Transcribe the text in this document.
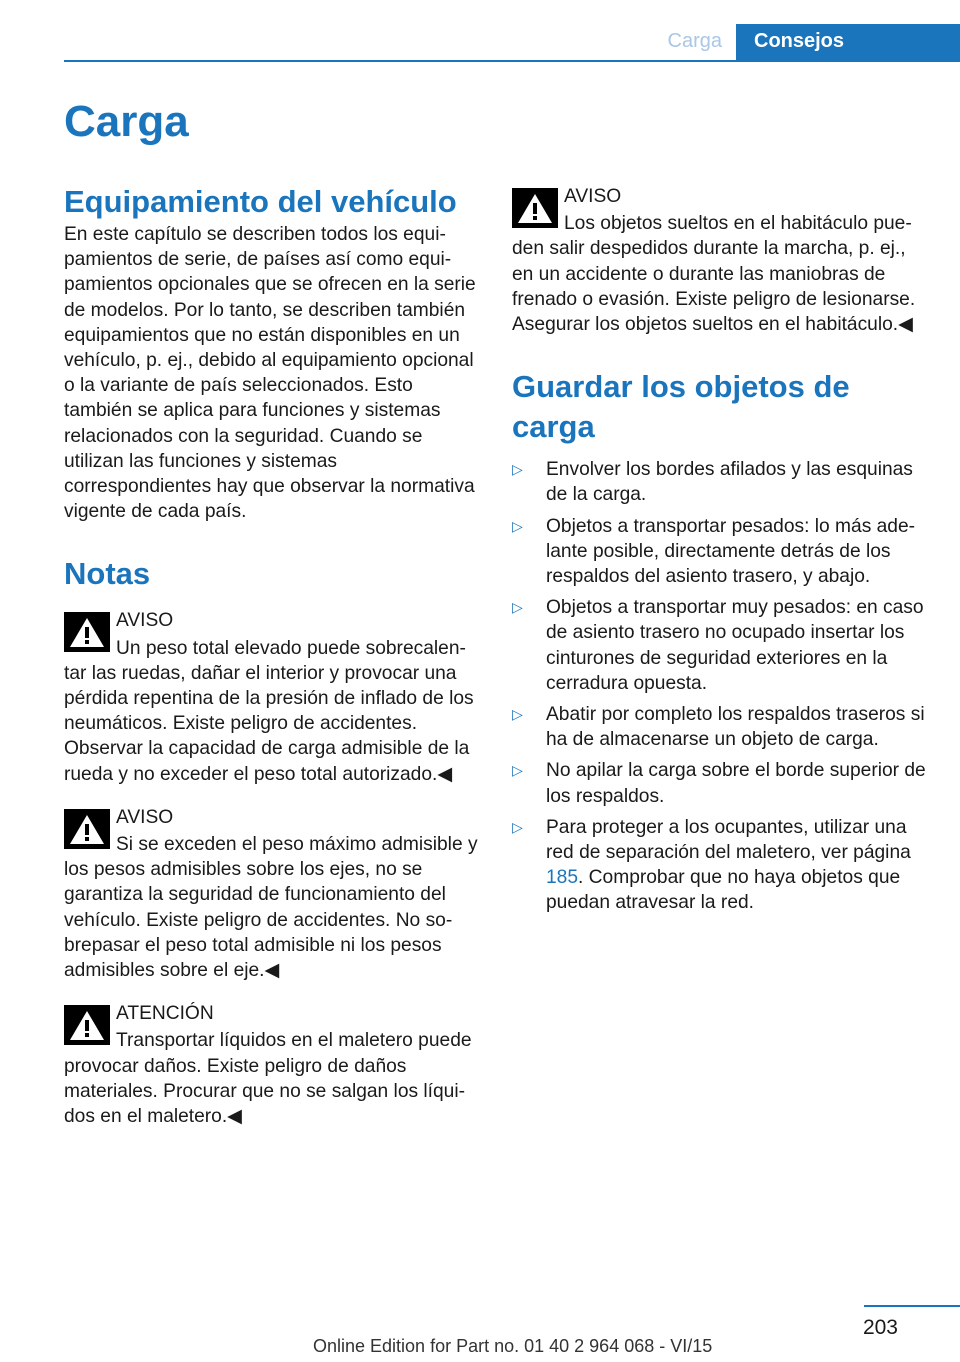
Carga	Consejos
Carga
Equipamiento del vehículo

En este capítulo se describen todos los equipamientos de serie, de países así como equipamientos opcionales que se ofrecen en la serie de modelos. Por lo tanto, se describen también equipamientos que no están disponibles en un vehículo, p. ej., debido al equipamiento opcional o la variante de país seleccionados. Esto también se aplica para funciones y sistemas relacionados con la seguridad. Cuando se utilizan las funciones y sistemas correspondientes hay que observar la normativa vigente de cada país.

Notas
AVISO

Un peso total elevado puede sobrecalentar las ruedas, dañar el interior y provocar una pérdida repentina de la presión de inflado de los neumáticos. Existe peligro de accidentes. Observar la capacidad de carga admisible de la rueda y no exceder el peso total autorizado.◀

AVISO

Si se exceden el peso máximo admisible y los pesos admisibles sobre los ejes, no se garantiza la seguridad de funcionamiento del vehículo. Existe peligro de accidentes. No sobrepasar el peso total admisible ni los pesos admisibles sobre el eje.◀

ATENCIÓN

Transportar líquidos en el maletero puede provocar daños. Existe peligro de daños materiales. Procurar que no se salgan los líquidos en el maletero.◀

AVISO

Los objetos sueltos en el habitáculo pueden salir despedidos durante la marcha, p. ej., en un accidente o durante las maniobras de frenado o evasión. Existe peligro de lesionarse. Asegurar los objetos sueltos en el habitáculo.◀

Guardar los objetos de carga
▷	Envolver los bordes afilados y las esquinas de la carga.
▷	Objetos a transportar pesados: lo más adelante posible, directamente detrás de los respaldos del asiento trasero, y abajo.
▷	Objetos a transportar muy pesados: en caso de asiento trasero no ocupado insertar los cinturones de seguridad exteriores en la cerradura opuesta.
▷	Abatir por completo los respaldos traseros si ha de almacenarse un objeto de carga.
▷	No apilar la carga sobre el borde superior de los respaldos.
▷	Para proteger a los ocupantes, utilizar una red de separación del maletero, ver página 185. Comprobar que no haya objetos que puedan atravesar la red.
203
Online Edition for Part no. 01 40 2 964 068 - VI/15
